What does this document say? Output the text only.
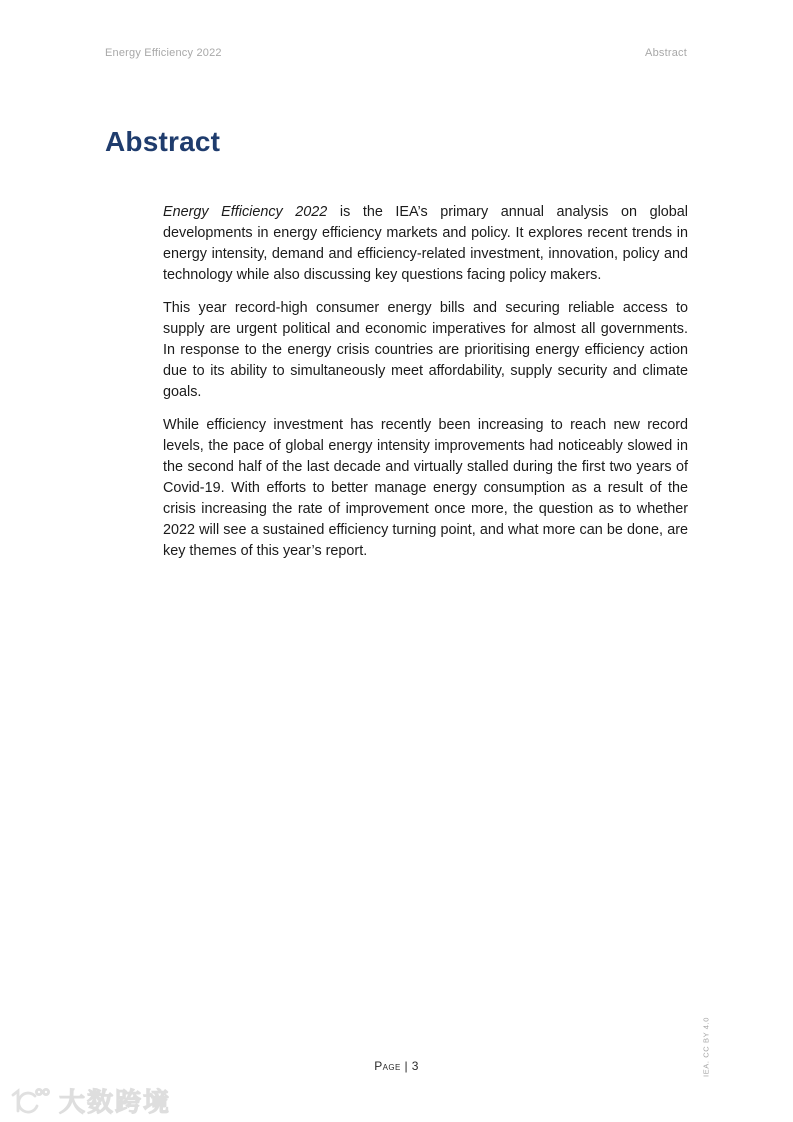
Energy Efficiency 2022	Abstract
Abstract

Energy Efficiency 2022 is the IEA’s primary annual analysis on global developments in energy efficiency markets and policy. It explores recent trends in energy intensity, demand and efficiency-related investment, innovation, policy and technology while also discussing key questions facing policy makers.

This year record-high consumer energy bills and securing reliable access to supply are urgent political and economic imperatives for almost all governments. In response to the energy crisis countries are prioritising energy efficiency action due to its ability to simultaneously meet affordability, supply security and climate goals.

While efficiency investment has recently been increasing to reach new record levels, the pace of global energy intensity improvements had noticeably slowed in the second half of the last decade and virtually stalled during the first two years of Covid-19. With efforts to better manage energy consumption as a result of the crisis increasing the rate of improvement once more, the question as to whether 2022 will see a sustained efficiency turning point, and what more can be done, are key themes of this year’s report.

Page | 3	IEA. CC BY 4.0
大数跨境
